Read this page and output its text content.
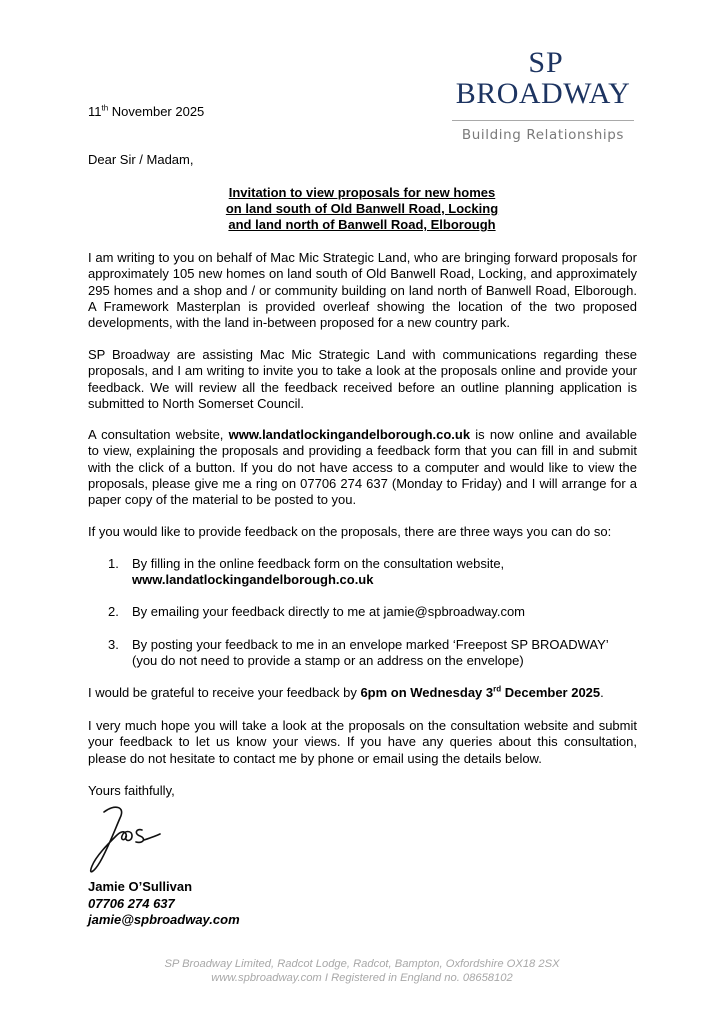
SP
BROADWAY
Building Relationships
11th November 2025
Dear Sir / Madam,
Invitation to view proposals for new homes
on land south of Old Banwell Road, Locking
and land north of Banwell Road, Elborough
I am writing to you on behalf of Mac Mic Strategic Land, who are bringing forward proposals for approximately 105 new homes on land south of Old Banwell Road, Locking, and approximately 295 homes and a shop and / or community building on land north of Banwell Road, Elborough. A Framework Masterplan is provided overleaf showing the location of the two proposed developments, with the land in-between proposed for a new country park.
SP Broadway are assisting Mac Mic Strategic Land with communications regarding these proposals, and I am writing to invite you to take a look at the proposals online and provide your feedback. We will review all the feedback received before an outline planning application is submitted to North Somerset Council.
A consultation website, www.landatlockingandelborough.co.uk is now online and available to view, explaining the proposals and providing a feedback form that you can fill in and submit with the click of a button. If you do not have access to a computer and would like to view the proposals, please give me a ring on 07706 274 637 (Monday to Friday) and I will arrange for a paper copy of the material to be posted to you.
If you would like to provide feedback on the proposals, there are three ways you can do so:
1. By filling in the online feedback form on the consultation website,
www.landatlockingandelborough.co.uk
2. By emailing your feedback directly to me at jamie@spbroadway.com
3. By posting your feedback to me in an envelope marked ‘Freepost SP BROADWAY’
(you do not need to provide a stamp or an address on the envelope)
I would be grateful to receive your feedback by 6pm on Wednesday 3rd December 2025.
I very much hope you will take a look at the proposals on the consultation website and submit your feedback to let us know your views. If you have any queries about this consultation, please do not hesitate to contact me by phone or email using the details below.
Yours faithfully,
Jamie O’Sullivan
07706 274 637
jamie@spbroadway.com
SP Broadway Limited, Radcot Lodge, Radcot, Bampton, Oxfordshire OX18 2SX
www.spbroadway.com I Registered in England no. 08658102
